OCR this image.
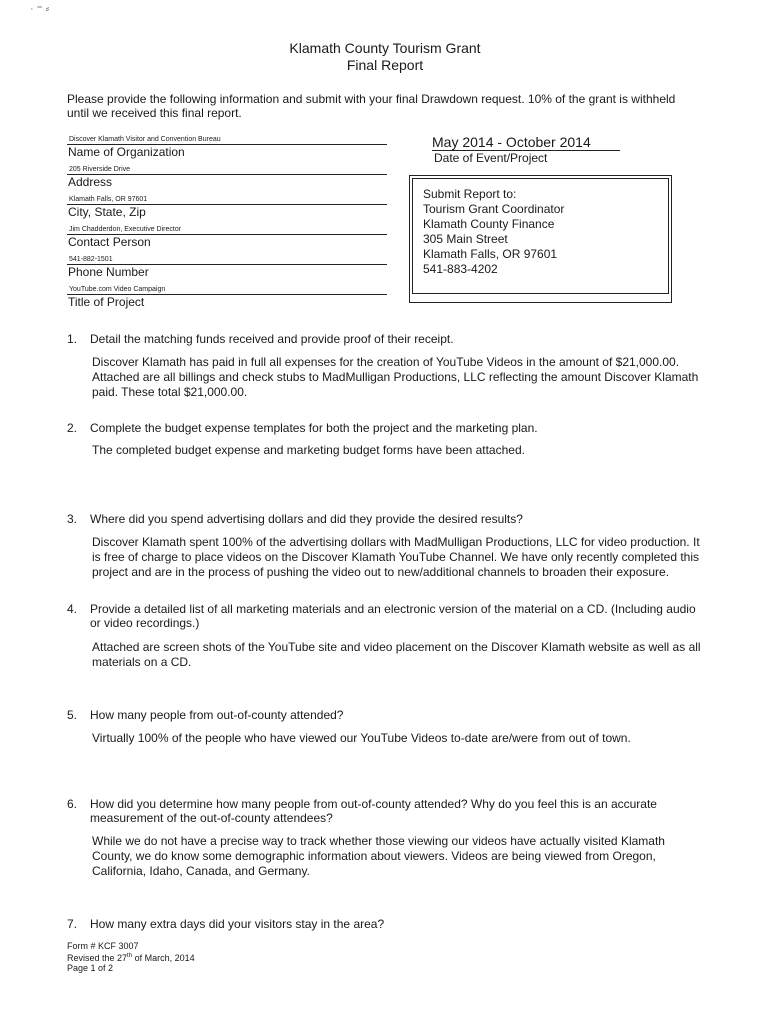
· ⁼ ⸗
Klamath County Tourism Grant
Final Report
Please provide the following information and submit with your final Drawdown request. 10% of the grant is withheld until we received this final report.
Discover Klamath Visitor and Convention Bureau
Name of Organization
205 Riverside Drive
Address
Klamath Falls, OR 97601
City, State, Zip
Jim Chadderdon, Executive Director
Contact Person
541-882-1501
Phone Number
YouTube.com Video Campaign
Title of Project
May 2014 - October 2014
Date of Event/Project
Submit Report to:
Tourism Grant Coordinator
Klamath County Finance
305 Main Street
Klamath Falls, OR 97601
541-883-4202
1. Detail the matching funds received and provide proof of their receipt.
Discover Klamath has paid in full all expenses for the creation of YouTube Videos in the amount of $21,000.00. Attached are all billings and check stubs to MadMulligan Productions, LLC reflecting the amount Discover Klamath paid. These total $21,000.00.
2. Complete the budget expense templates for both the project and the marketing plan.
The completed budget expense and marketing budget forms have been attached.
3. Where did you spend advertising dollars and did they provide the desired results?
Discover Klamath spent 100% of the advertising dollars with MadMulligan Productions, LLC for video production. It is free of charge to place videos on the Discover Klamath YouTube Channel. We have only recently completed this project and are in the process of pushing the video out to new/additional channels to broaden their exposure.
4. Provide a detailed list of all marketing materials and an electronic version of the material on a CD. (Including audio or video recordings.)
Attached are screen shots of the YouTube site and video placement on the Discover Klamath website as well as all materials on a CD.
5. How many people from out-of-county attended?
Virtually 100% of the people who have viewed our YouTube Videos to-date are/were from out of town.
6. How did you determine how many people from out-of-county attended? Why do you feel this is an accurate measurement of the out-of-county attendees?
While we do not have a precise way to track whether those viewing our videos have actually visited Klamath County, we do know some demographic information about viewers. Videos are being viewed from Oregon, California, Idaho, Canada, and Germany.
7. How many extra days did your visitors stay in the area?
Form # KCF 3007
Revised the 27th of March, 2014
Page 1 of 2
